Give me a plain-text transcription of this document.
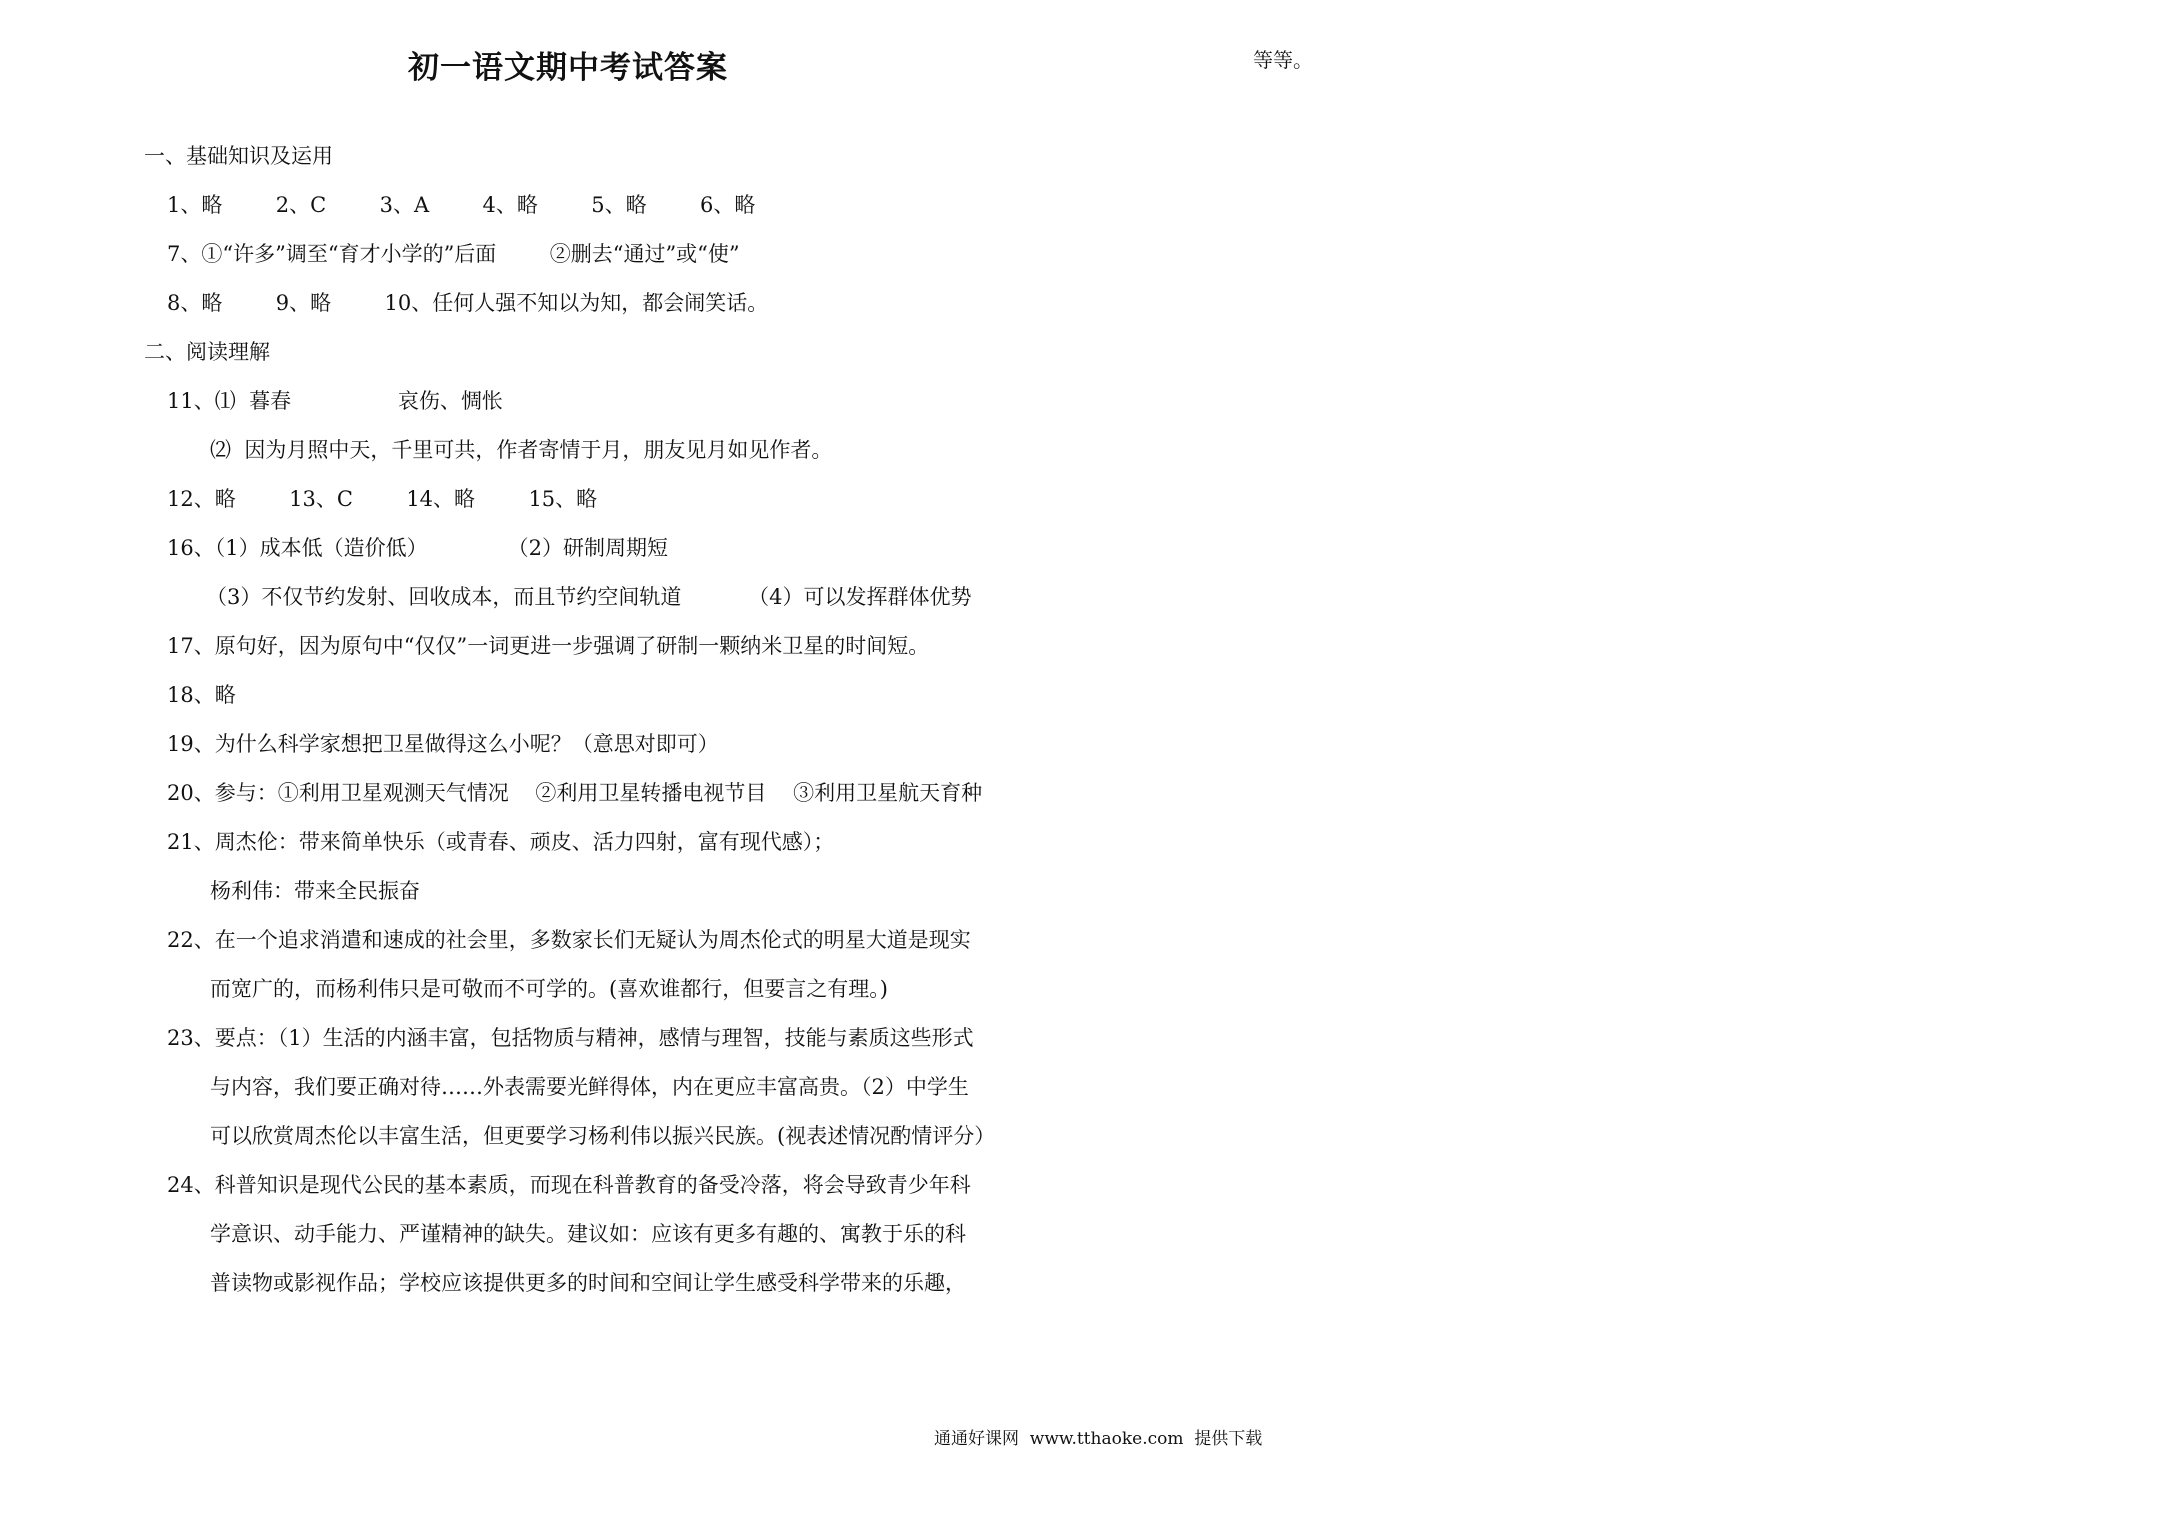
初一语文期中考试答案	等等。
一、基础知识及运用
1、略        2、C        3、A        4、略        5、略        6、略
7、①“许多”调至“育才小学的”后面        ②删去“通过”或“使”
8、略        9、略        10、任何人强不知以为知，都会闹笑话。
二、阅读理解
11、⑴  暮春                哀伤、惆怅
⑵  因为月照中天，千里可共，作者寄情于月，朋友见月如见作者。
12、略        13、C        14、略        15、略
16、（1）成本低（造价低）            （2）研制周期短
（3）不仅节约发射、回收成本，而且节约空间轨道          （4）可以发挥群体优势
17、原句好，因为原句中“仅仅”一词更进一步强调了研制一颗纳米卫星的时间短。
18、略
19、为什么科学家想把卫星做得这么小呢？（意思对即可）
20、参与：①利用卫星观测天气情况    ②利用卫星转播电视节目    ③利用卫星航天育种
21、周杰伦：带来简单快乐（或青春、顽皮、活力四射，富有现代感）；
杨利伟：带来全民振奋
22、在一个追求消遣和速成的社会里，多数家长们无疑认为周杰伦式的明星大道是现实
而宽广的，而杨利伟只是可敬而不可学的。(喜欢谁都行，但要言之有理。)
23、要点：（1）生活的内涵丰富，包括物质与精神，感情与理智，技能与素质这些形式
与内容，我们要正确对待……外表需要光鲜得体，内在更应丰富高贵。（2）中学生
可以欣赏周杰伦以丰富生活，但更要学习杨利伟以振兴民族。(视表述情况酌情评分）
24、科普知识是现代公民的基本素质，而现在科普教育的备受冷落，将会导致青少年科
学意识、动手能力、严谨精神的缺失。建议如：应该有更多有趣的、寓教于乐的科
普读物或影视作品；学校应该提供更多的时间和空间让学生感受科学带来的乐趣，
通通好课网  www.tthaoke.com  提供下载
